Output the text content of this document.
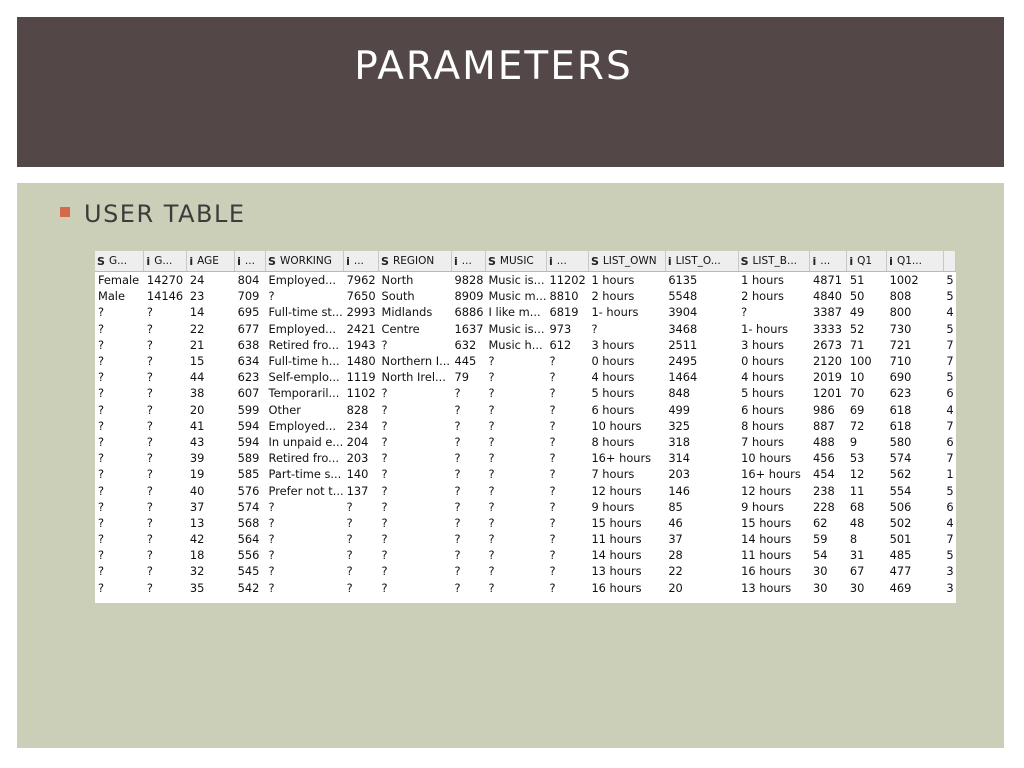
PARAMETERS
USER TABLE
S G...	i G...	i AGE	i ...	S WORKING	i ...	S REGION	i ...	S MUSIC	i ...	S LIST_OWN	i LIST_O...	S LIST_B...	i ...	i Q1	i Q1...	

Female	14270	24	804	Employed...	7962	North	9828	Music is...	11202	1 hours	6135	1 hours	4871	51	1002	5
Male	14146	23	709	?	7650	South	8909	Music m...	8810	2 hours	5548	2 hours	4840	50	808	5
?	?	14	695	Full-time st...	2993	Midlands	6886	I like m...	6819	1- hours	3904	?	3387	49	800	4
?	?	22	677	Employed...	2421	Centre	1637	Music is...	973	?	3468	1- hours	3333	52	730	5
?	?	21	638	Retired fro...	1943	?	632	Music h...	612	3 hours	2511	3 hours	2673	71	721	7
?	?	15	634	Full-time h...	1480	Northern I...	445	?	?	0 hours	2495	0 hours	2120	100	710	7
?	?	44	623	Self-emplo...	1119	North Irel...	79	?	?	4 hours	1464	4 hours	2019	10	690	5
?	?	38	607	Temporaril...	1102	?	?	?	?	5 hours	848	5 hours	1201	70	623	6
?	?	20	599	Other	828	?	?	?	?	6 hours	499	6 hours	986	69	618	4
?	?	41	594	Employed...	234	?	?	?	?	10 hours	325	8 hours	887	72	618	7
?	?	43	594	In unpaid e...	204	?	?	?	?	8 hours	318	7 hours	488	9	580	6
?	?	39	589	Retired fro...	203	?	?	?	?	16+ hours	314	10 hours	456	53	574	7
?	?	19	585	Part-time s...	140	?	?	?	?	7 hours	203	16+ hours	454	12	562	1
?	?	40	576	Prefer not t...	137	?	?	?	?	12 hours	146	12 hours	238	11	554	5
?	?	37	574	?	?	?	?	?	?	9 hours	85	9 hours	228	68	506	6
?	?	13	568	?	?	?	?	?	?	15 hours	46	15 hours	62	48	502	4
?	?	42	564	?	?	?	?	?	?	11 hours	37	14 hours	59	8	501	7
?	?	18	556	?	?	?	?	?	?	14 hours	28	11 hours	54	31	485	5
?	?	32	545	?	?	?	?	?	?	13 hours	22	16 hours	30	67	477	3
?	?	35	542	?	?	?	?	?	?	16 hours	20	13 hours	30	30	469	3
